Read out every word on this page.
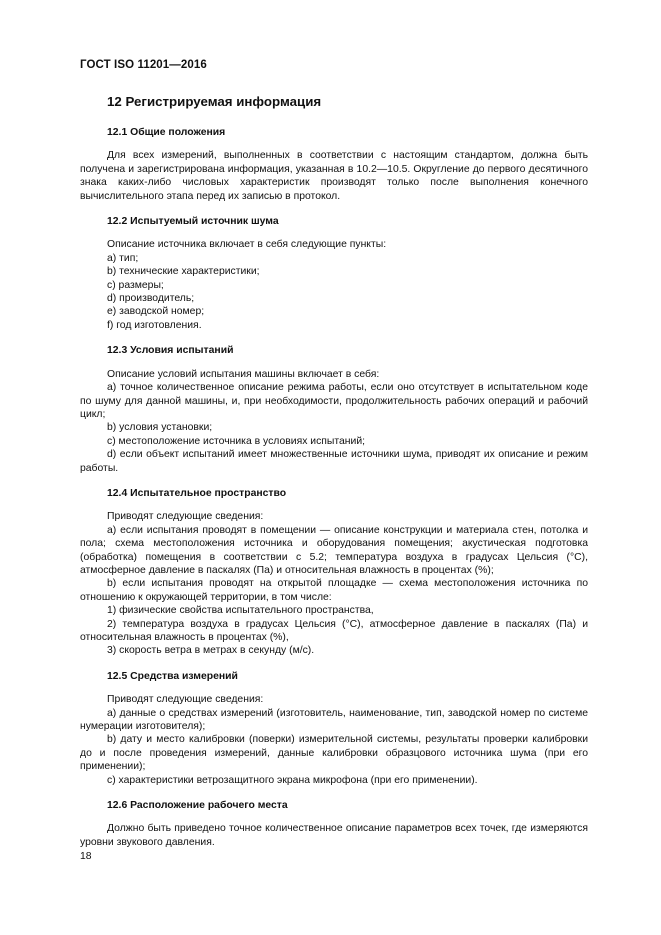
ГОСТ ISO 11201—2016
12 Регистрируемая информация
12.1 Общие положения

Для всех измерений, выполненных в соответствии с настоящим стандартом, должна быть получена и зарегистрирована информация, указанная в 10.2—10.5. Округление до первого десятичного знака каких-либо числовых характеристик производят только после выполнения конечного вычислительного этапа перед их записью в протокол.

12.2 Испытуемый источник шума

Описание источника включает в себя следующие пункты:

a) тип;

b) технические характеристики;

c) размеры;

d) производитель;

e) заводской номер;

f) год изготовления.

12.3 Условия испытаний

Описание условий испытания машины включает в себя:

a) точное количественное описание режима работы, если оно отсутствует в испытательном коде по шуму для данной машины, и, при необходимости, продолжительность рабочих операций и рабочий цикл;

b) условия установки;

c) местоположение источника в условиях испытаний;

d) если объект испытаний имеет множественные источники шума, приводят их описание и режим работы.

12.4 Испытательное пространство

Приводят следующие сведения:

a) если испытания проводят в помещении — описание конструкции и материала стен, потолка и пола; схема местоположения источника и оборудования помещения; акустическая подготовка (обработка) помещения в соответствии с 5.2; температура воздуха в градусах Цельсия (°C), атмосферное давление в паскалях (Па) и относительная влажность в процентах (%);

b) если испытания проводят на открытой площадке — схема местоположения источника по отношению к окружающей территории, в том числе:

1) физические свойства испытательного пространства,

2) температура воздуха в градусах Цельсия (°C), атмосферное давление в паскалях (Па) и относительная влажность в процентах (%),

3) скорость ветра в метрах в секунду (м/с).

12.5 Средства измерений

Приводят следующие сведения:

a) данные о средствах измерений (изготовитель, наименование, тип, заводской номер по системе нумерации изготовителя);

b) дату и место калибровки (поверки) измерительной системы, результаты проверки калибровки до и после проведения измерений, данные калибровки образцового источника шума (при его применении);

c) характеристики ветрозащитного экрана микрофона (при его применении).

12.6 Расположение рабочего места

Должно быть приведено точное количественное описание параметров всех точек, где измеряются уровни звукового давления.

18
